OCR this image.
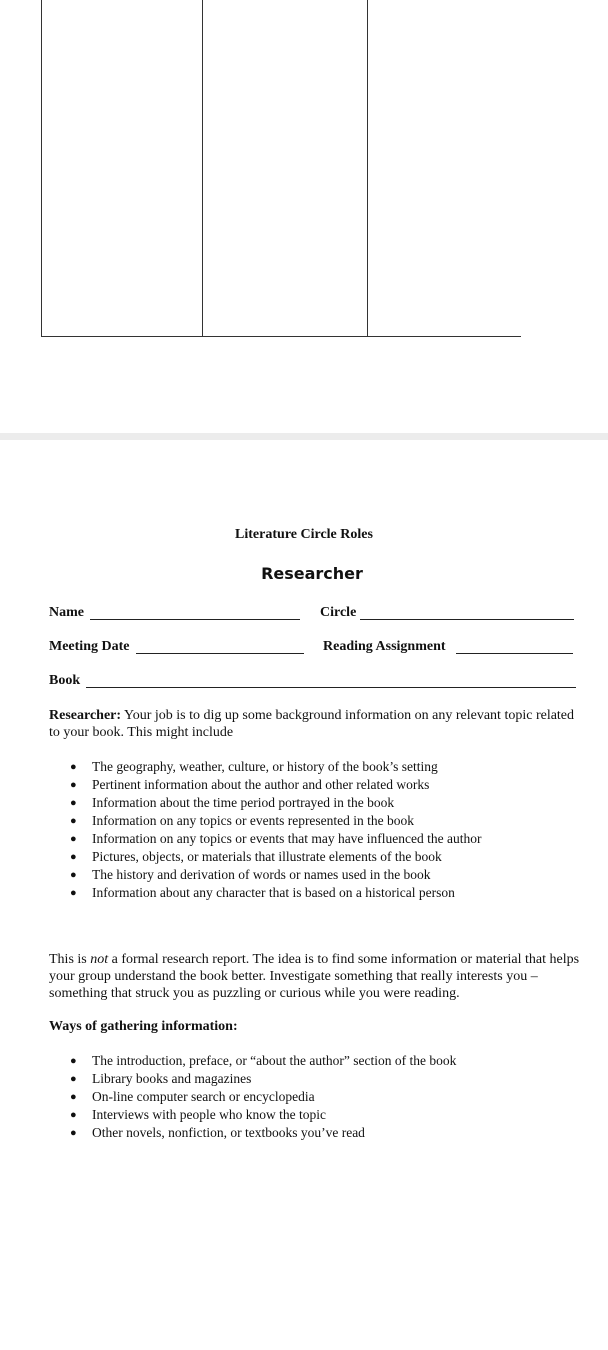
Literature Circle Roles
Researcher
Name	Circle
Meeting Date	Reading Assignment
Book
Researcher: Your job is to dig up some background information on any relevant topic related to your book. This might include
● The geography, weather, culture, or history of the book’s setting
● Pertinent information about the author and other related works
● Information about the time period portrayed in the book
● Information on any topics or events represented in the book
● Information on any topics or events that may have influenced the author
● Pictures, objects, or materials that illustrate elements of the book
● The history and derivation of words or names used in the book
● Information about any character that is based on a historical person
This is not a formal research report. The idea is to find some information or material that helps your group understand the book better. Investigate something that really interests you – something that struck you as puzzling or curious while you were reading.
Ways of gathering information:
● The introduction, preface, or “about the author” section of the book
● Library books and magazines
● On-line computer search or encyclopedia
● Interviews with people who know the topic
● Other novels, nonfiction, or textbooks you’ve read
